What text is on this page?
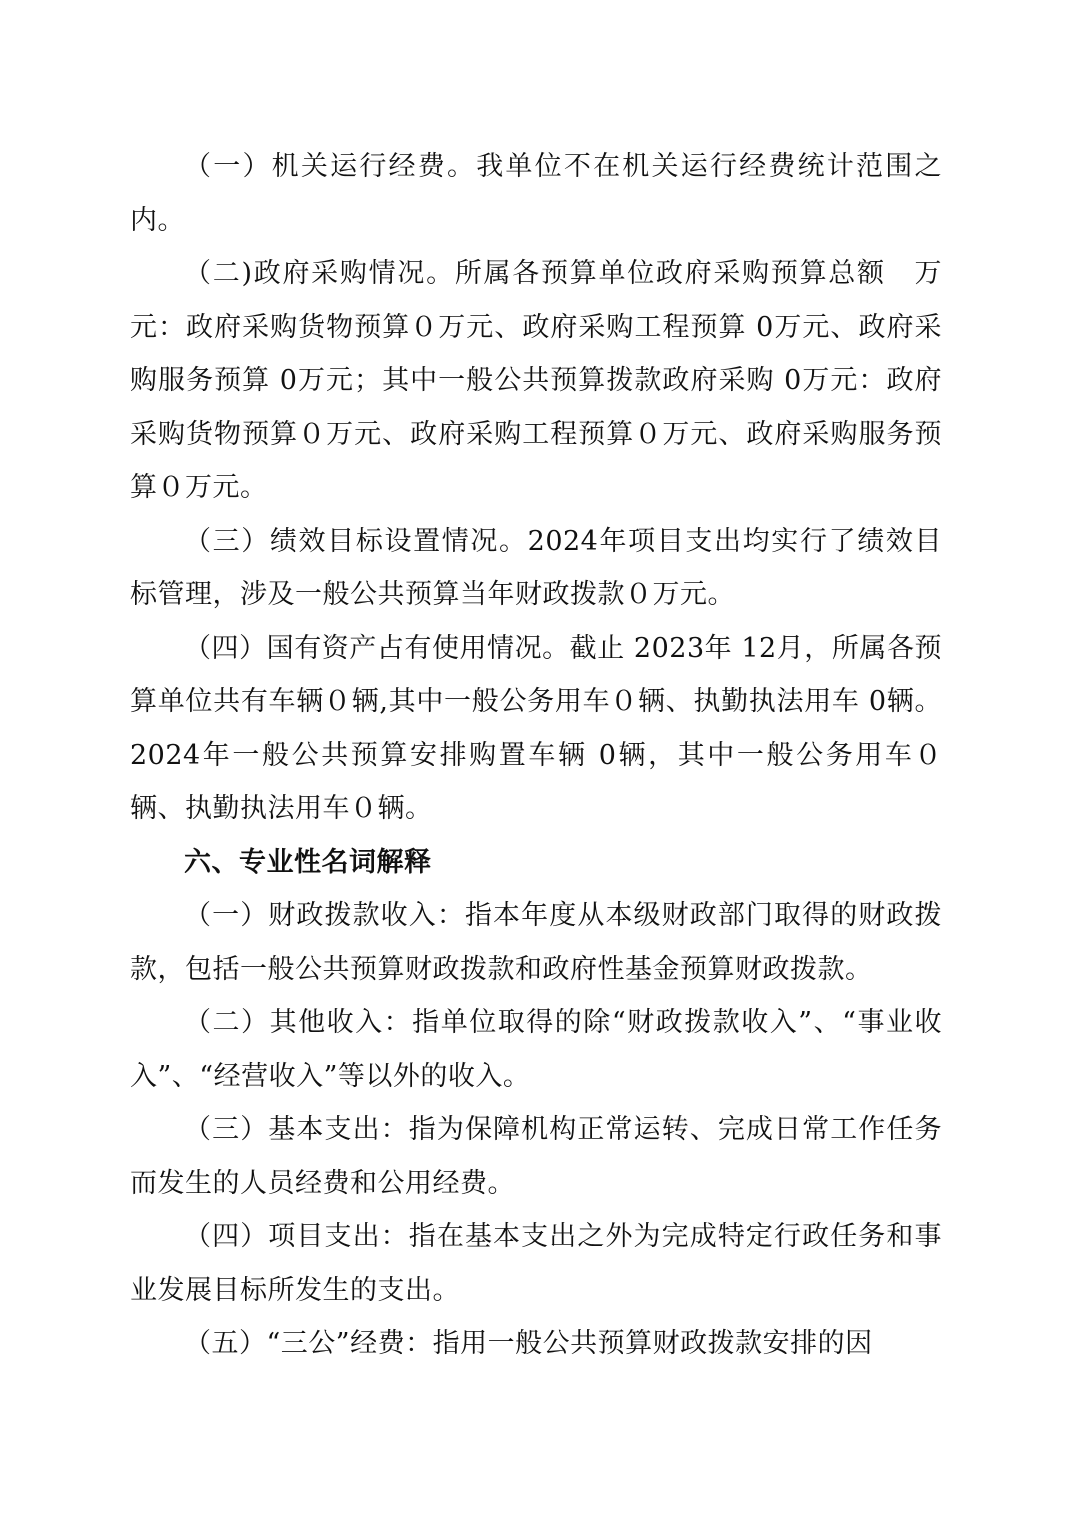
（一）机关运行经费。我单位不在机关运行经费统计范围之内。

（二)政府采购情况。所属各预算单位政府采购预算总额　万元：政府采购货物预算０万元、政府采购工程预算 0万元、政府采购服务预算 0万元；其中一般公共预算拨款政府采购 0万元：政府采购货物预算０万元、政府采购工程预算０万元、政府采购服务预算０万元。

（三）绩效目标设置情况。2024年项目支出均实行了绩效目标管理，涉及一般公共预算当年财政拨款０万元。

（四）国有资产占有使用情况。截止 2023年 12月，所属各预算单位共有车辆０辆,其中一般公务用车０辆、执勤执法用车 0辆。2024年一般公共预算安排购置车辆 0辆，其中一般公务用车０辆、执勤执法用车０辆。

六、专业性名词解释

（一）财政拨款收入：指本年度从本级财政部门取得的财政拨款，包括一般公共预算财政拨款和政府性基金预算财政拨款。

（二）其他收入：指单位取得的除“财政拨款收入”、“事业收入”、“经营收入”等以外的收入。

（三）基本支出：指为保障机构正常运转、完成日常工作任务而发生的人员经费和公用经费。

（四）项目支出：指在基本支出之外为完成特定行政任务和事业发展目标所发生的支出。

（五）“三公”经费：指用一般公共预算财政拨款安排的因
